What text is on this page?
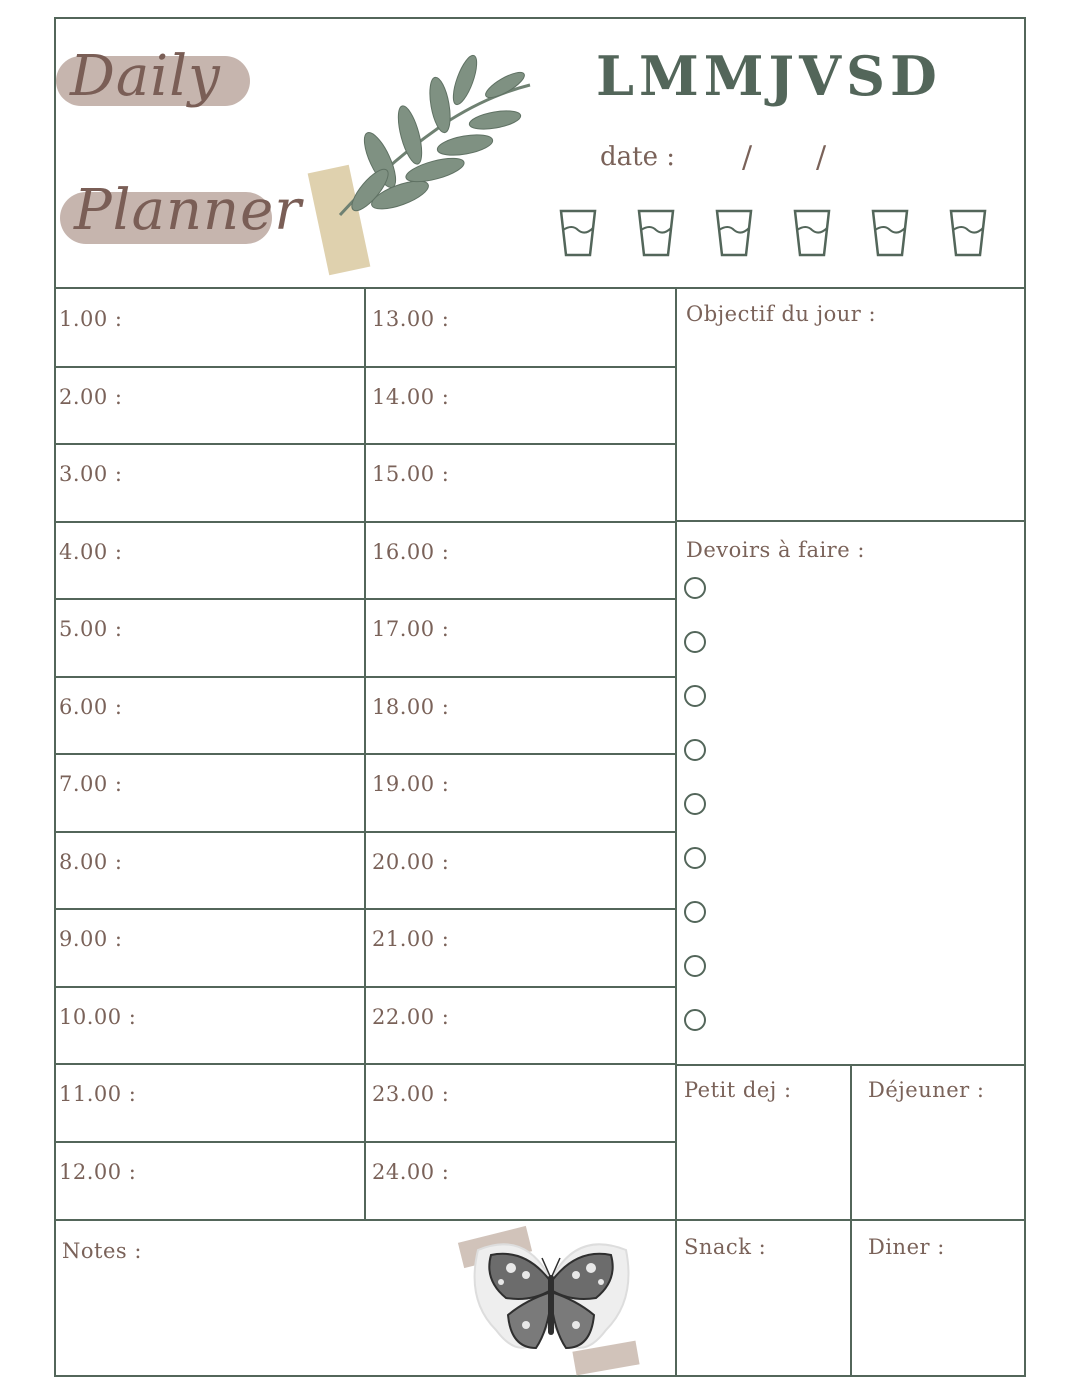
Daily
Planner
LMMJVSD
date : / /
1.00 :	13.00 :
2.00 :	14.00 :
3.00 :	15.00 :
4.00 :	16.00 :
5.00 :	17.00 :
6.00 :	18.00 :
7.00 :	19.00 :
8.00 :	20.00 :
9.00 :	21.00 :
10.00 :	22.00 :
11.00 :	23.00 :
12.00 :	24.00 :
Objectif du jour :
Devoirs à faire :
Petit dej :	Déjeuner :
Snack :	Diner :
Notes :
